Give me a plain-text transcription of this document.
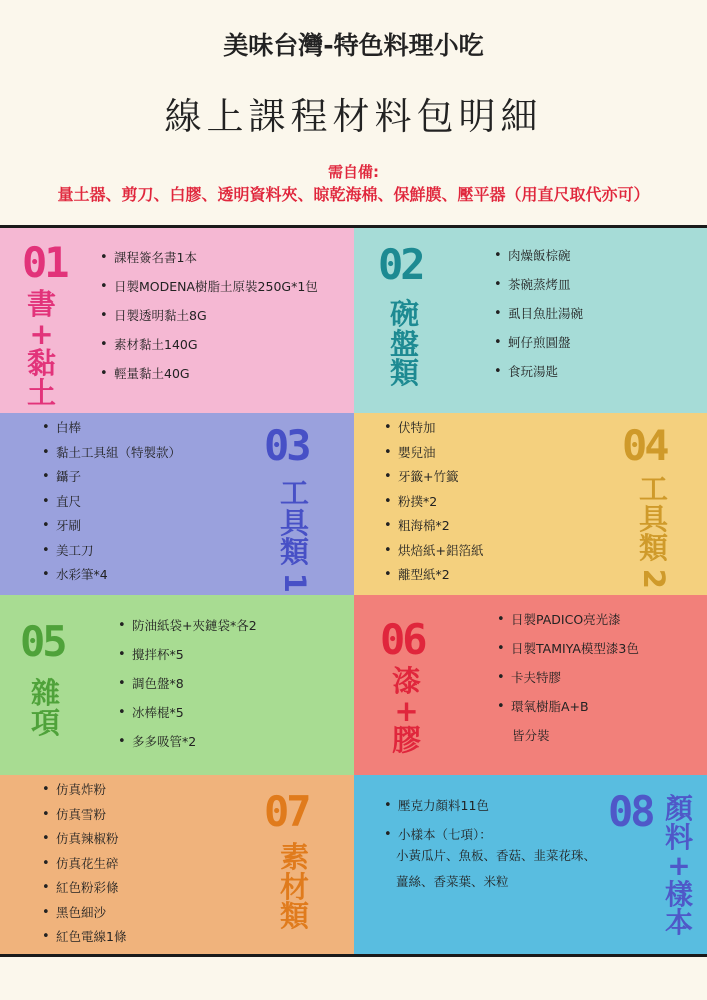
美味台灣-特色料理小吃
線上課程材料包明細
需自備:
量土器、剪刀、白膠、透明資料夾、晾乾海棉、保鮮膜、壓平器（用直尺取代亦可）
01
書
+
黏
土
• 課程簽名書1本
• 日製MODENA樹脂土原裝250G*1包
• 日製透明黏土8G
• 素材黏土140G
• 輕量黏土40G
02
碗
盤
類
• 肉燥飯棕碗
• 茶碗蒸烤皿
• 虱目魚肚湯碗
• 蚵仔煎圓盤
• 食玩湯匙
03
工
具
類
1
• 白棒
• 黏土工具組（特製款）
• 鑷子
• 直尺
• 牙刷
• 美工刀
• 水彩筆*4
04
工
具
類
2
• 伏特加
• 嬰兒油
• 牙籤+竹籤
• 粉撲*2
• 粗海棉*2
• 烘焙紙+鋁箔紙
• 離型紙*2
05
雜
項
• 防油紙袋+夾鏈袋*各2
• 攪拌杯*5
• 調色盤*8
• 冰棒棍*5
• 多多吸管*2
06
漆
+
膠
• 日製PADICO亮光漆
• 日製TAMIYA模型漆3色
• 卡夫特膠
• 環氧樹脂A+B
皆分裝
07
素
材
類
• 仿真炸粉
• 仿真雪粉
• 仿真辣椒粉
• 仿真花生碎
• 紅色粉彩條
• 黑色細沙
• 紅色電線1條
08 顏
料
+
樣
本
• 壓克力顏料11色
• 小樣本（七項）：
小黃瓜片、魚板、香菇、韭菜花珠、
薑絲、香菜葉、米粒
